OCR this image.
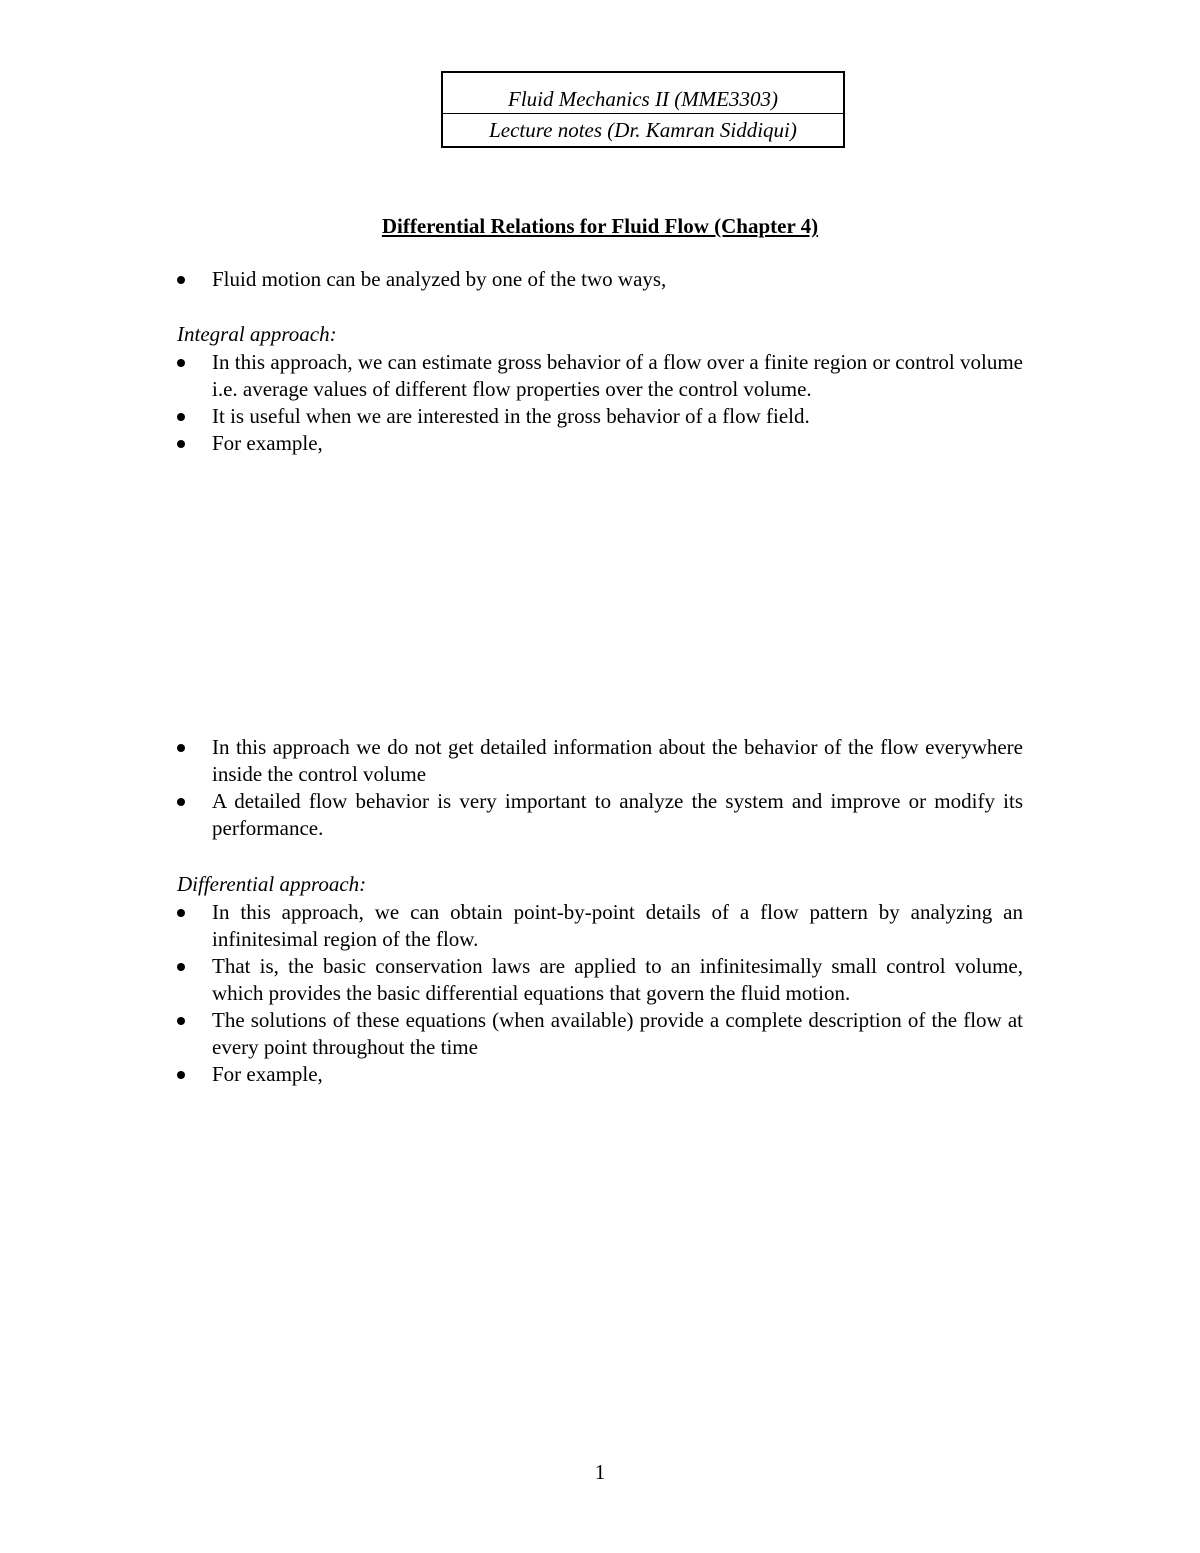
Fluid Mechanics II (MME3303)
Lecture notes (Dr. Kamran Siddiqui)
Differential Relations for Fluid Flow (Chapter 4)
Fluid motion can be analyzed by one of the two ways,
Integral approach:
In this approach, we can estimate gross behavior of a flow over a finite region or control volume i.e. average values of different flow properties over the control volume.
It is useful when we are interested in the gross behavior of a flow field.
For example,
In this approach we do not get detailed information about the behavior of the flow everywhere inside the control volume
A detailed flow behavior is very important to analyze the system and improve or modify its performance.
Differential approach:
In this approach, we can obtain point-by-point details of a flow pattern by analyzing an infinitesimal region of the flow.
That is, the basic conservation laws are applied to an infinitesimally small control volume, which provides the basic differential equations that govern the fluid motion.
The solutions of these equations (when available) provide a complete description of the flow at every point throughout the time
For example,
1
